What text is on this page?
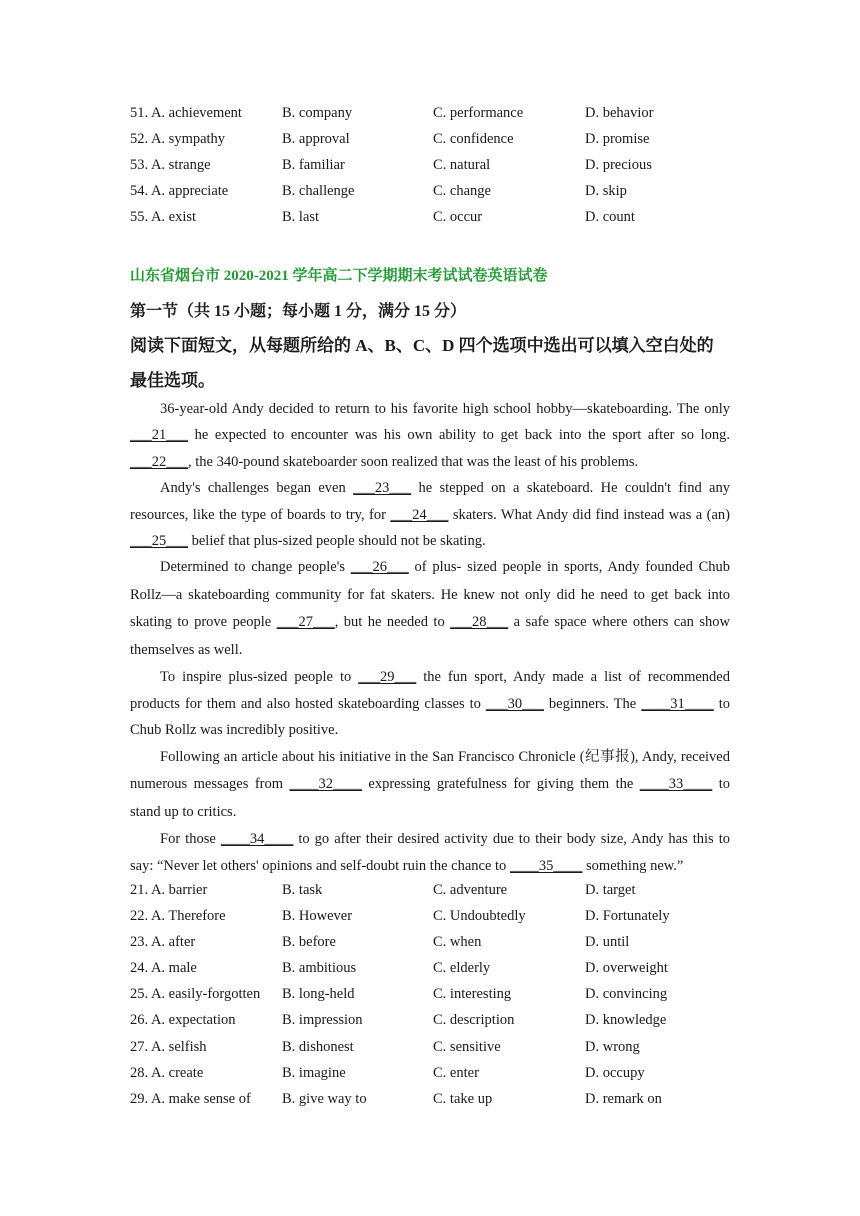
51. A. achievement	B. company	C. performance	D. behavior
52. A. sympathy	B. approval	C. confidence	D. promise
53. A. strange	B. familiar	C. natural	D. precious
54. A. appreciate	B. challenge	C. change	D. skip
55. A. exist	B. last	C. occur	D. count
山东省烟台市 2020-2021 学年高二下学期期末考试试卷英语试卷
第一节（共 15 小题；每小题 1 分，满分 15 分）
阅读下面短文，从每题所给的 A、B、C、D 四个选项中选出可以填入空白处的最佳选项。

36-year-old Andy decided to return to his favorite high school hobby—skateboarding. The only ___21___ he expected to encounter was his own ability to get back into the sport after so long. ___22___, the 340-pound skateboarder soon realized that was the least of his problems.

Andy's challenges began even ___23___ he stepped on a skateboard. He couldn't find any resources, like the type of boards to try, for ___24___ skaters. What Andy did find instead was a (an) ___25___ belief that plus-sized people should not be skating.

Determined to change people's ___26___ of plus- sized people in sports, Andy founded Chub Rollz—a skateboarding community for fat skaters. He knew not only did he need to get back into skating to prove people ___27___, but he needed to ___28___ a safe space where others can show themselves as well.

To inspire plus-sized people to ___29___ the fun sport, Andy made a list of recommended products for them and also hosted skateboarding classes to ___30___ beginners. The ____31____ to Chub Rollz was incredibly positive.

Following an article about his initiative in the San Francisco Chronicle (纪事报), Andy, received numerous messages from ____32____ expressing gratefulness for giving them the ____33____ to stand up to critics.

For those ____34____ to go after their desired activity due to their body size, Andy has this to say: “Never let others' opinions and self-doubt ruin the chance to ____35____ something new.”

21. A. barrier	B. task	C. adventure	D. target
22. A. Therefore	B. However	C. Undoubtedly	D. Fortunately
23. A. after	B. before	C. when	D. until
24. A. male	B. ambitious	C. elderly	D. overweight
25. A. easily-forgotten B. long-held	C. interesting	D. convincing
26. A. expectation	B. impression	C. description	D. knowledge
27. A. selfish	B. dishonest	C. sensitive	D. wrong
28. A. create	B. imagine	C. enter	D. occupy
29. A. make sense of B. give way to	C. take up	D. remark on
